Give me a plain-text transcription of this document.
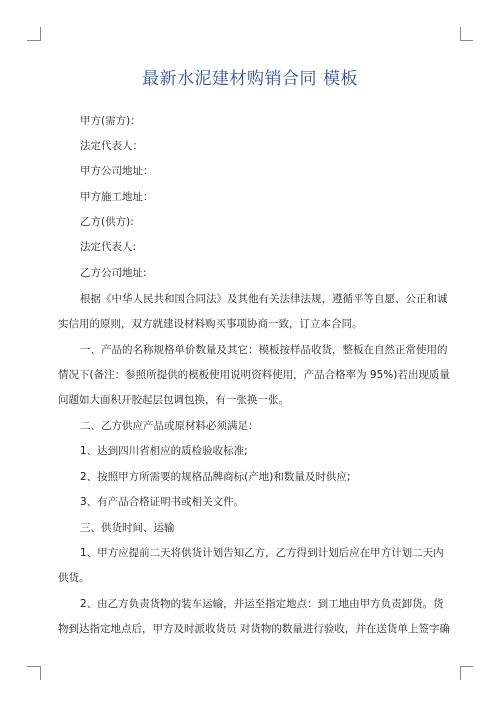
最新水泥建材购销合同 模板
甲方(需方)：
法定代表人：
甲方公司地址：
甲方施工地址：
乙方(供方):
法定代表人:
乙方公司地址:
根据《中华人民共和国合同法》及其他有关法律法规，遵循平等自愿、公正和诚
实信用的原则，双方就建设材料购买事项协商一致，订立本合同。
一、产品的名称规格单价数量及其它：模板按样品收货，整板在自然正常使用的
情况下(备注：参照所提供的模板使用说明资料使用，产品合格率为 95%)若出现质量
问题如大面积开胶起层包调包换，有一张换一张。
二、乙方供应产品或原材料必须满足：
1、达到四川省相应的质检验收标准;
2、按照甲方所需要的规格品牌商标(产地)和数量及时供应;
3、有产品合格证明书或相关文件。
三、供货时间、运输
1、甲方应提前二天将供货计划告知乙方，乙方得到计划后应在甲方计划二天内
供货。
2、由乙方负责货物的装车运输，并运至指定地点：到工地由甲方负责卸货。货
物到达指定地点后，甲方及时派收货员 对货物的数量进行验收，并在送货单上签字确
